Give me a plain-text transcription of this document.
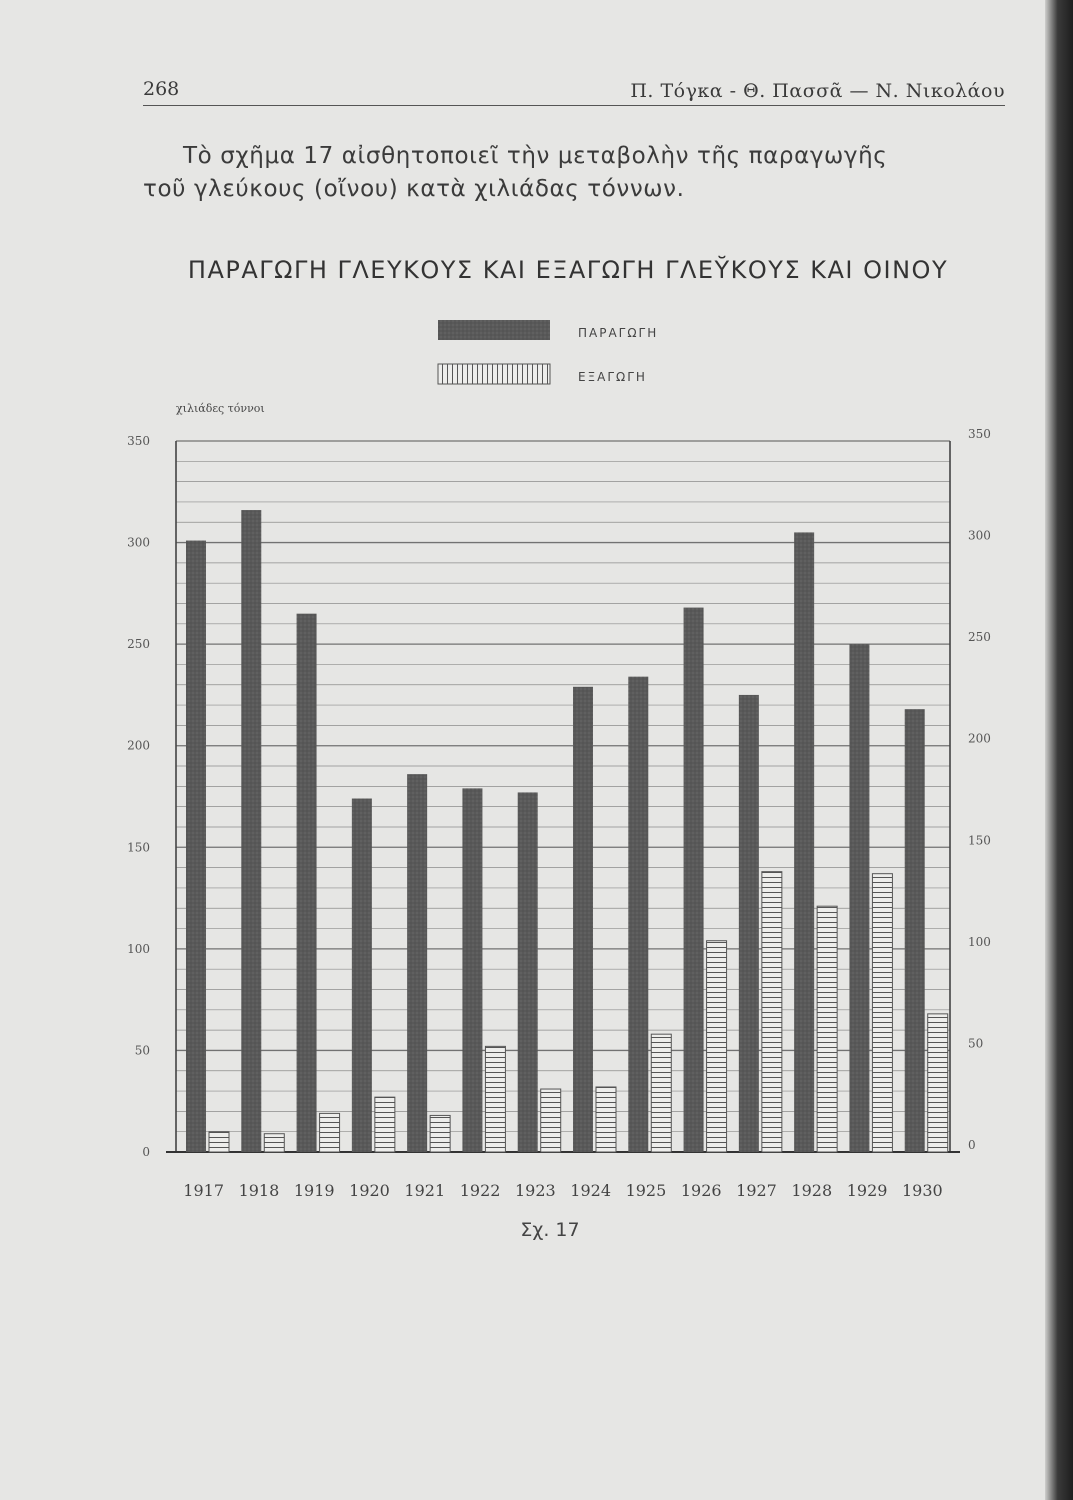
268	Π. Τόγκα - Θ. Πασσᾶ — Ν. Νικολάου
Τὸ σχῆμα 17 αἰσθητοποιεῖ τὴν μεταβολὴν τῆς παραγωγῆς
τοῦ γλεύκους (οἴνου) κατὰ χιλιάδας τόννων.
ΠΑΡΑΓΩΓΗ ΓΛΕΥΚΟΥΣ ΚΑΙ ΕΞΑΓΩΓΗ ΓΛΕῨΚΟΥΣ ΚΑΙ ΟΙΝΟΥ
ΠΑΡΑΓΩΓΗ
ΕΞΑΓΩΓΗ
χιλιάδες τόννοι
0
50
100
150
200
250
300
350
0
50
100
150
200
250
300
350
1917 1918 1919 1920 1921 1922 1923 1924 1925 1926 1927 1928 1929 1930
Σχ. 17
